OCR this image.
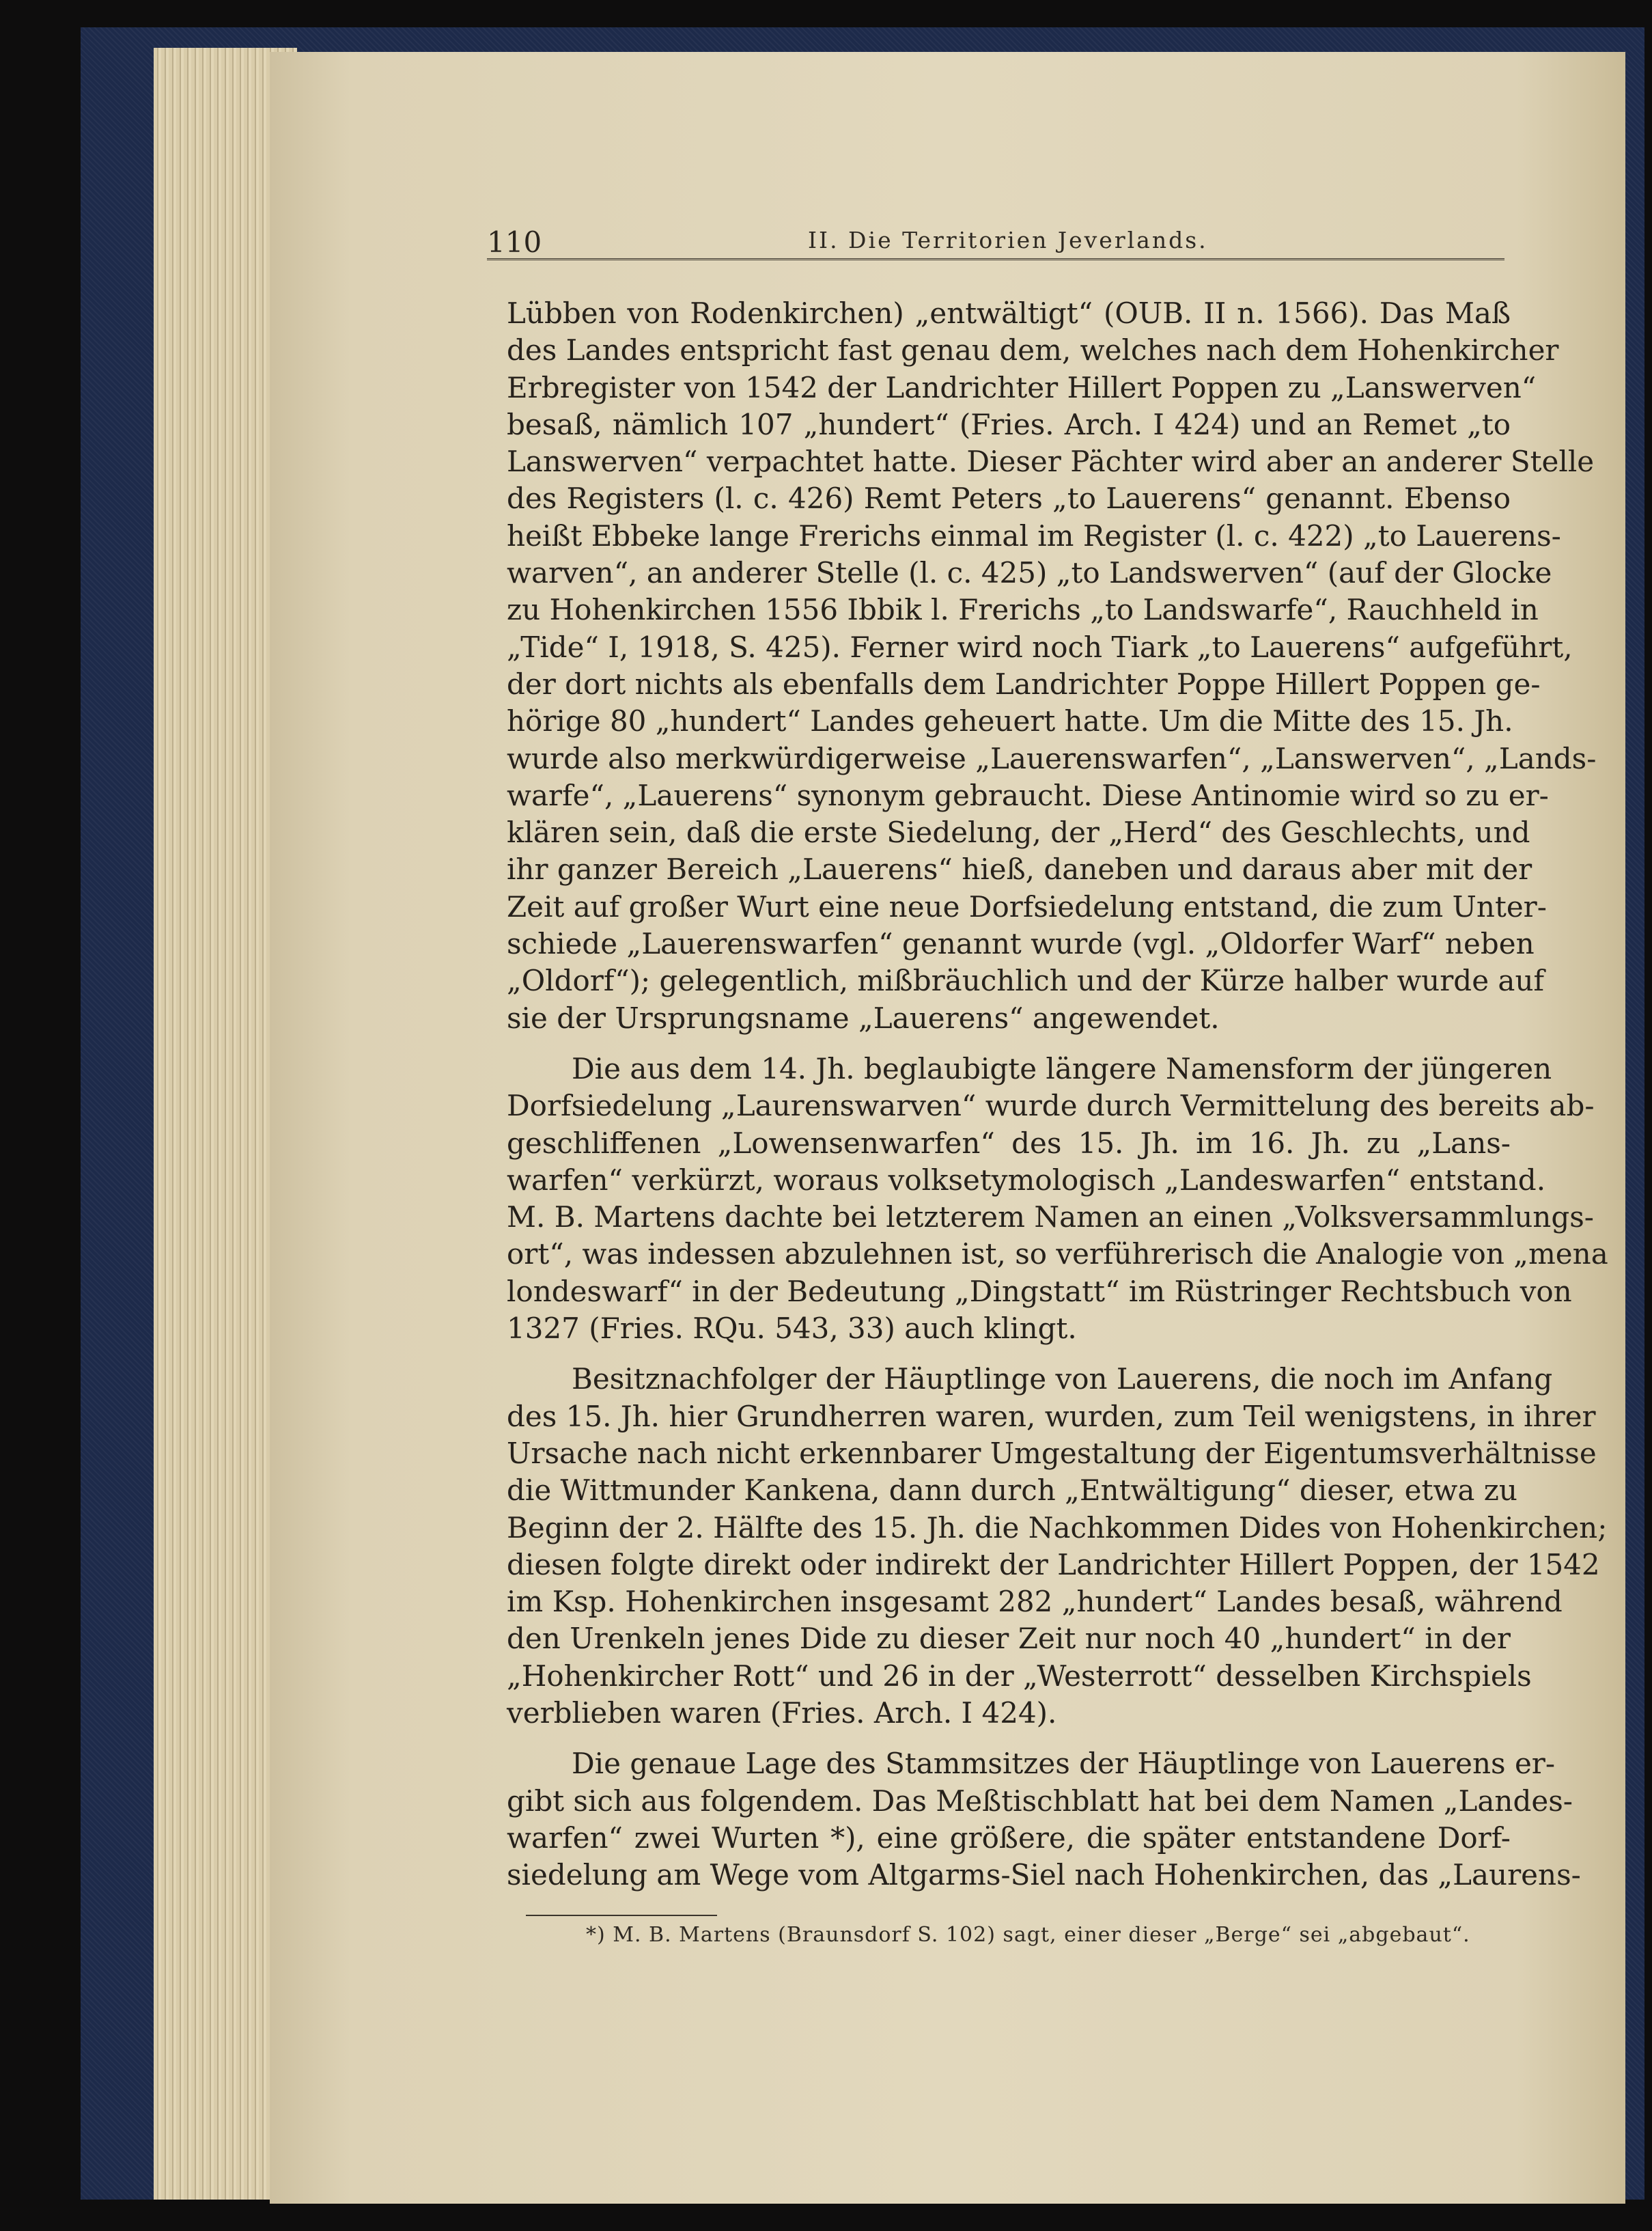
110	II. Die Territorien Jeverlands.
Lübben von Rodenkirchen) „entwältigt“ (OUB. II n. 1566). Das Maß
des Landes entspricht fast genau dem, welches nach dem Hohenkircher
Erbregister von 1542 der Landrichter Hillert Poppen zu „Lanswerven“
besaß, nämlich 107 „hundert“ (Fries. Arch. I 424) und an Remet „to
Lanswerven“ verpachtet hatte. Dieser Pächter wird aber an anderer Stelle
des Registers (l. c. 426) Remt Peters „to Lauerens“ genannt. Ebenso
heißt Ebbeke lange Frerichs einmal im Register (l. c. 422) „to Lauerens-
warven“, an anderer Stelle (l. c. 425) „to Landswerven“ (auf der Glocke
zu Hohenkirchen 1556 Ibbik l. Frerichs „to Landswarfe“, Rauchheld in
„Tide“ I, 1918, S. 425). Ferner wird noch Tiark „to Lauerens“ aufgeführt,
der dort nichts als ebenfalls dem Landrichter Poppe Hillert Poppen ge-
hörige 80 „hundert“ Landes geheuert hatte. Um die Mitte des 15. Jh.
wurde also merkwürdigerweise „Lauerenswarfen“, „Lanswerven“, „Lands-
warfe“, „Lauerens“ synonym gebraucht. Diese Antinomie wird so zu er-
klären sein, daß die erste Siedelung, der „Herd“ des Geschlechts, und
ihr ganzer Bereich „Lauerens“ hieß, daneben und daraus aber mit der
Zeit auf großer Wurt eine neue Dorfsiedelung entstand, die zum Unter-
schiede „Lauerenswarfen“ genannt wurde (vgl. „Oldorfer Warf“ neben
„Oldorf“); gelegentlich, mißbräuchlich und der Kürze halber wurde auf
sie der Ursprungsname „Lauerens“ angewendet.
Die aus dem 14. Jh. beglaubigte längere Namensform der jüngeren
Dorfsiedelung „Laurenswarven“ wurde durch Vermittelung des bereits ab-
geschliffenen „Lowensenwarfen“ des 15. Jh. im 16. Jh. zu „Lans-
warfen“ verkürzt, woraus volksetymologisch „Landeswarfen“ entstand.
M. B. Martens dachte bei letzterem Namen an einen „Volksversammlungs-
ort“, was indessen abzulehnen ist, so verführerisch die Analogie von „mena
londeswarf“ in der Bedeutung „Dingstatt“ im Rüstringer Rechtsbuch von
1327 (Fries. RQu. 543, 33) auch klingt.
Besitznachfolger der Häuptlinge von Lauerens, die noch im Anfang
des 15. Jh. hier Grundherren waren, wurden, zum Teil wenigstens, in ihrer
Ursache nach nicht erkennbarer Umgestaltung der Eigentumsverhältnisse
die Wittmunder Kankena, dann durch „Entwältigung“ dieser, etwa zu
Beginn der 2. Hälfte des 15. Jh. die Nachkommen Dides von Hohenkirchen;
diesen folgte direkt oder indirekt der Landrichter Hillert Poppen, der 1542
im Ksp. Hohenkirchen insgesamt 282 „hundert“ Landes besaß, während
den Urenkeln jenes Dide zu dieser Zeit nur noch 40 „hundert“ in der
„Hohenkircher Rott“ und 26 in der „Westerrott“ desselben Kirchspiels
verblieben waren (Fries. Arch. I 424).
Die genaue Lage des Stammsitzes der Häuptlinge von Lauerens er-
gibt sich aus folgendem. Das Meßtischblatt hat bei dem Namen „Landes-
warfen“ zwei Wurten *), eine größere, die später entstandene Dorf-
siedelung am Wege vom Altgarms-Siel nach Hohenkirchen, das „Laurens-
*) M. B. Martens (Braunsdorf S. 102) sagt, einer dieser „Berge“ sei „abgebaut“.
